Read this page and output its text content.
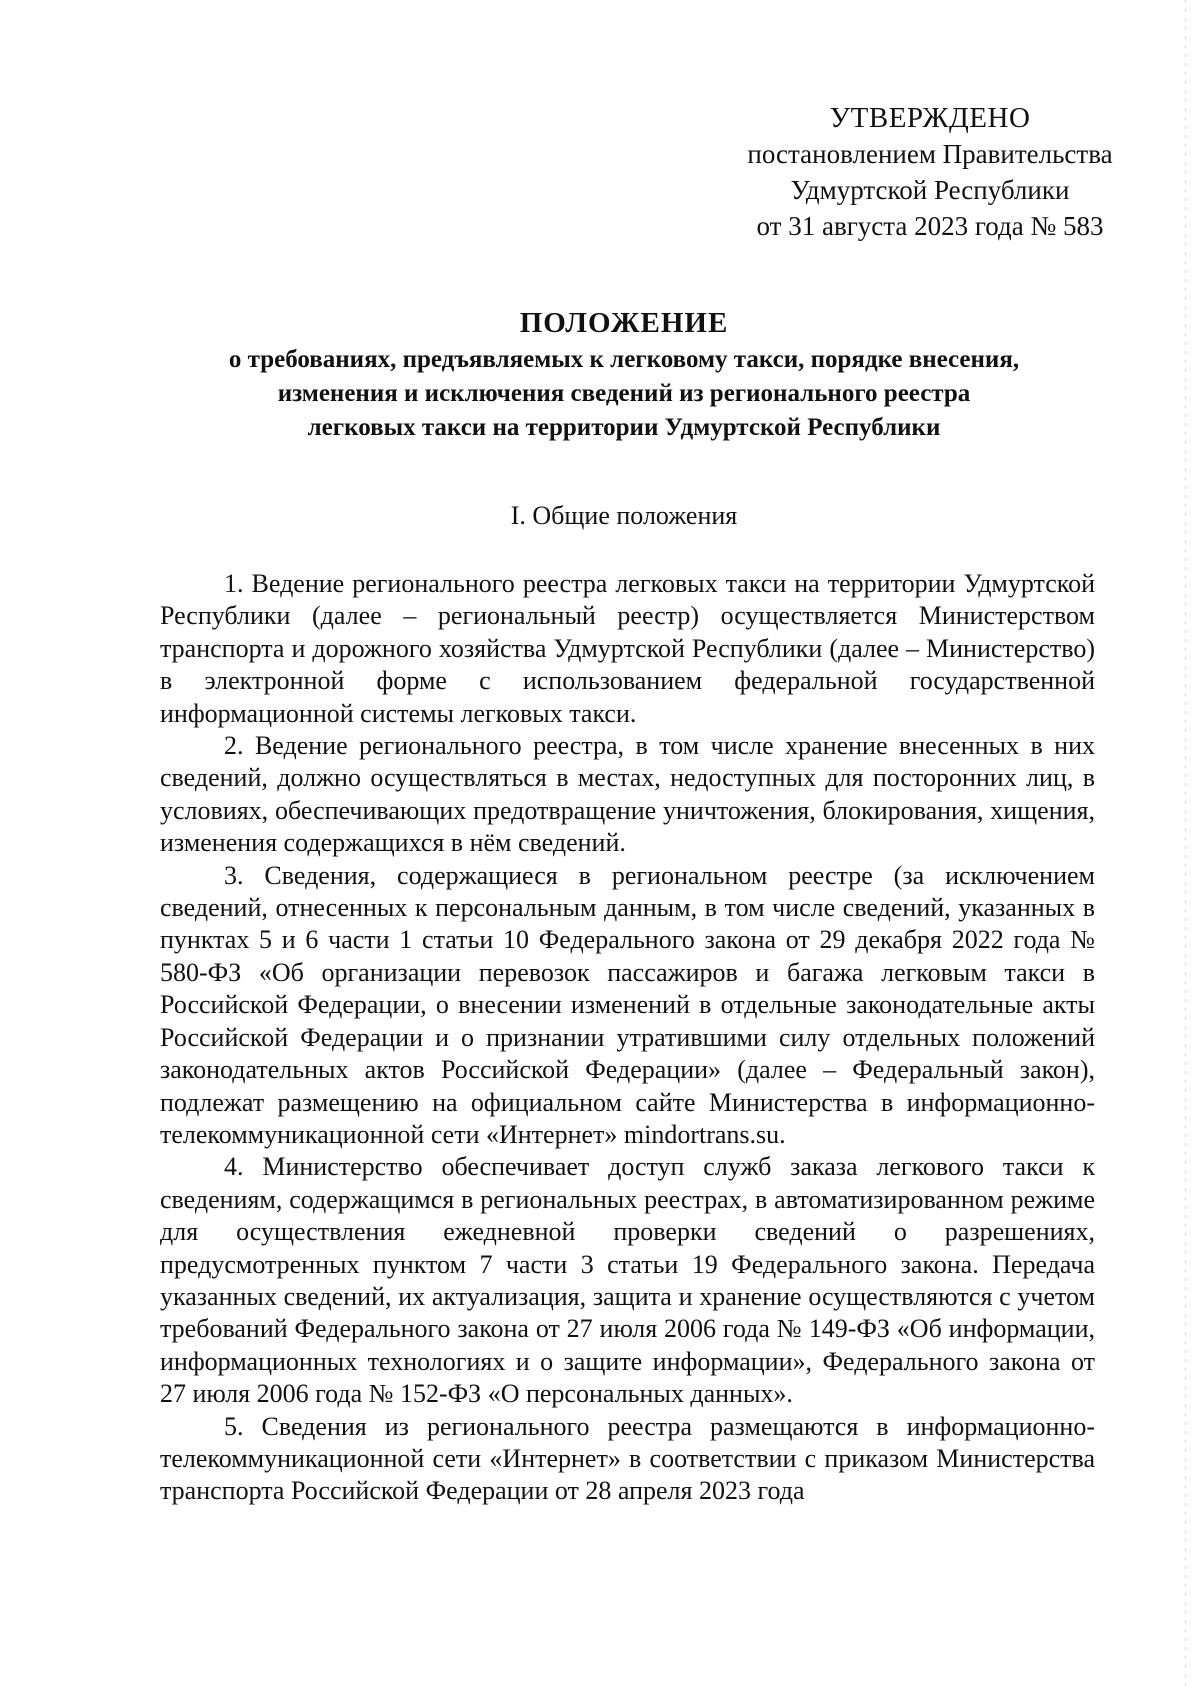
УТВЕРЖДЕНО
постановлением Правительства
Удмуртской Республики
от 31 августа 2023 года № 583
ПОЛОЖЕНИЕ
о требованиях, предъявляемых к легковому такси, порядке внесения,
изменения и исключения сведений из регионального реестра
легковых такси на территории Удмуртской Республики
I. Общие положения

1. Ведение регионального реестра легковых такси на территории Удмуртской Республики (далее – региональный реестр) осуществляется Министерством транспорта и дорожного хозяйства Удмуртской Республики (далее – Министерство) в электронной форме с использованием федеральной государственной информационной системы легковых такси.

2. Ведение регионального реестра, в том числе хранение внесенных в них сведений, должно осуществляться в местах, недоступных для посторонних лиц, в условиях, обеспечивающих предотвращение уничтожения, блокирования, хищения, изменения содержащихся в нём сведений.

3. Сведения, содержащиеся в региональном реестре (за исключением сведений, отнесенных к персональным данным, в том числе сведений, указанных в пунктах 5 и 6 части 1 статьи 10 Федерального закона от 29 декабря 2022 года № 580-ФЗ «Об организации перевозок пассажиров и багажа легковым такси в Российской Федерации, о внесении изменений в отдельные законодательные акты Российской Федерации и о признании утратившими силу отдельных положений законодательных актов Российской Федерации» (далее – Федеральный закон), подлежат размещению на официальном сайте Министерства в информационно-телекоммуникационной сети «Интернет» mindortrans.su.

4. Министерство обеспечивает доступ служб заказа легкового такси к сведениям, содержащимся в региональных реестрах, в автоматизированном режиме для осуществления ежедневной проверки сведений о разрешениях, предусмотренных пунктом 7 части 3 статьи 19 Федерального закона. Передача указанных сведений, их актуализация, защита и хранение осуществляются с учетом требований Федерального закона от 27 июля 2006 года № 149-ФЗ «Об информации, информационных технологиях и о защите информации», Федерального закона от 27 июля 2006 года № 152-ФЗ «О персональных данных».

5. Сведения из регионального реестра размещаются в информационно-телекоммуникационной сети «Интернет» в соответствии с приказом Министерства транспорта Российской Федерации от 28 апреля 2023 года
